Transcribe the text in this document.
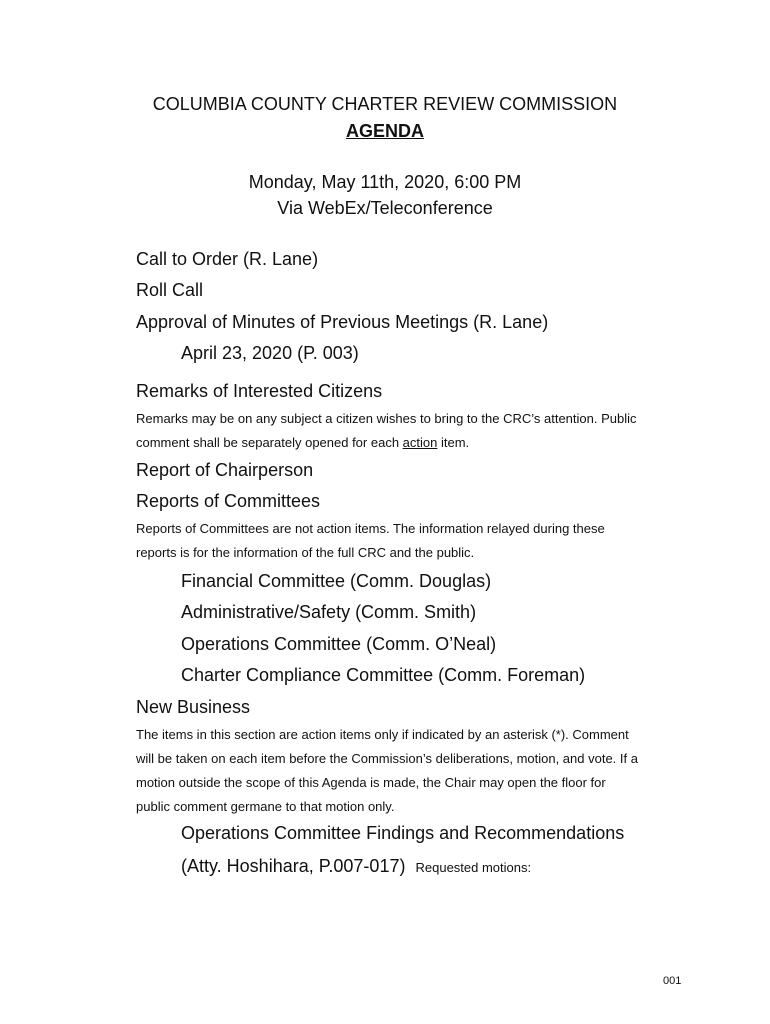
COLUMBIA COUNTY CHARTER REVIEW COMMISSION
AGENDA
Monday, May 11th, 2020, 6:00 PM
Via WebEx/Teleconference
Call to Order (R. Lane)
Roll Call
Approval of Minutes of Previous Meetings (R. Lane)
April 23, 2020 (P. 003)
Remarks of Interested Citizens
Remarks may be on any subject a citizen wishes to bring to the CRC’s attention. Public
comment shall be separately opened for each action item.
Report of Chairperson
Reports of Committees
Reports of Committees are not action items. The information relayed during these
reports is for the information of the full CRC and the public.
Financial Committee (Comm. Douglas)
Administrative/Safety (Comm. Smith)
Operations Committee (Comm. O’Neal)
Charter Compliance Committee (Comm. Foreman)
New Business
The items in this section are action items only if indicated by an asterisk (*). Comment
will be taken on each item before the Commission’s deliberations, motion, and vote. If a
motion outside the scope of this Agenda is made, the Chair may open the floor for
public comment germane to that motion only.
Operations Committee Findings and Recommendations
(Atty. Hoshihara, P.007-017) Requested motions:
001
